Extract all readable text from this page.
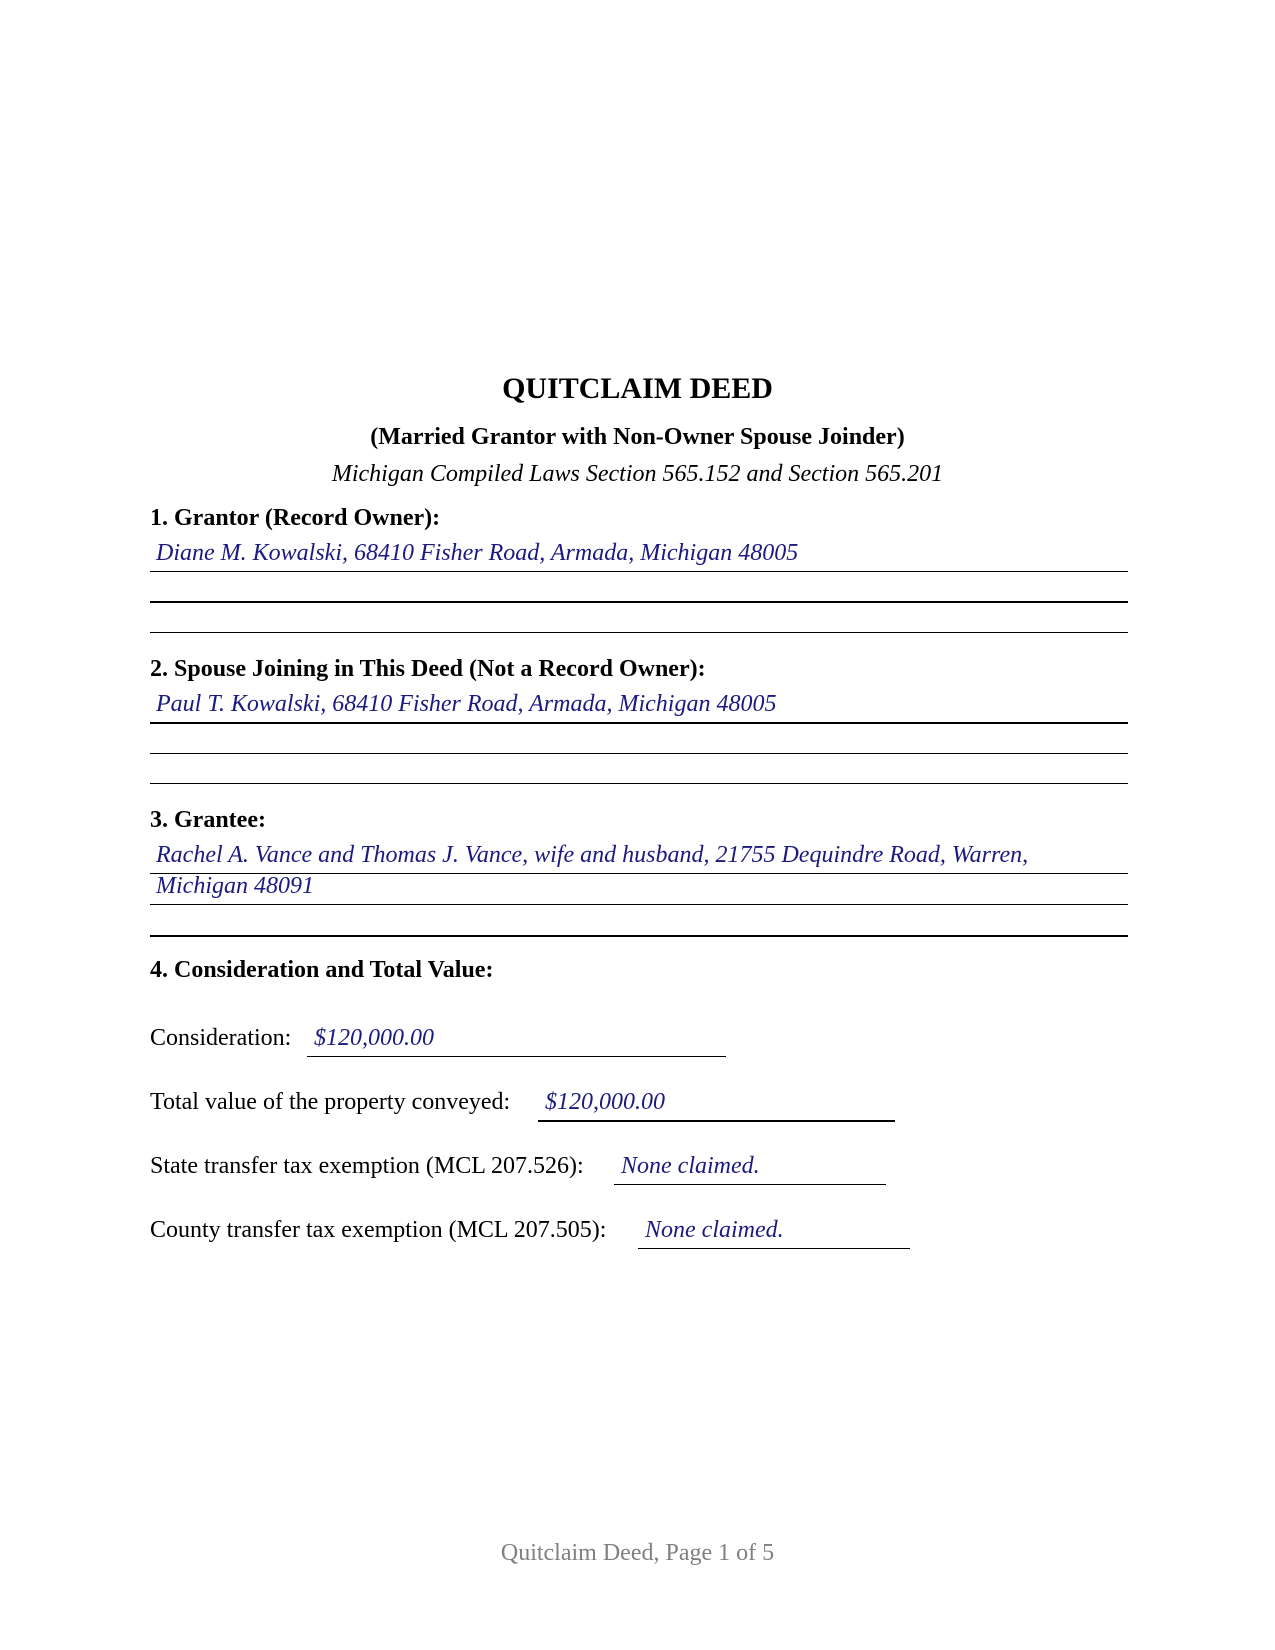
QUITCLAIM DEED
(Married Grantor with Non-Owner Spouse Joinder)
Michigan Compiled Laws Section 565.152 and Section 565.201
1. Grantor (Record Owner):
Diane M. Kowalski, 68410 Fisher Road, Armada, Michigan 48005
2. Spouse Joining in This Deed (Not a Record Owner):
Paul T. Kowalski, 68410 Fisher Road, Armada, Michigan 48005
3. Grantee:
Rachel A. Vance and Thomas J. Vance, wife and husband, 21755 Dequindre Road, Warren,
Michigan 48091
4. Consideration and Total Value:
Consideration: $120,000.00
Total value of the property conveyed: $120,000.00
State transfer tax exemption (MCL 207.526): None claimed.
County transfer tax exemption (MCL 207.505): None claimed.
Quitclaim Deed, Page 1 of 5
